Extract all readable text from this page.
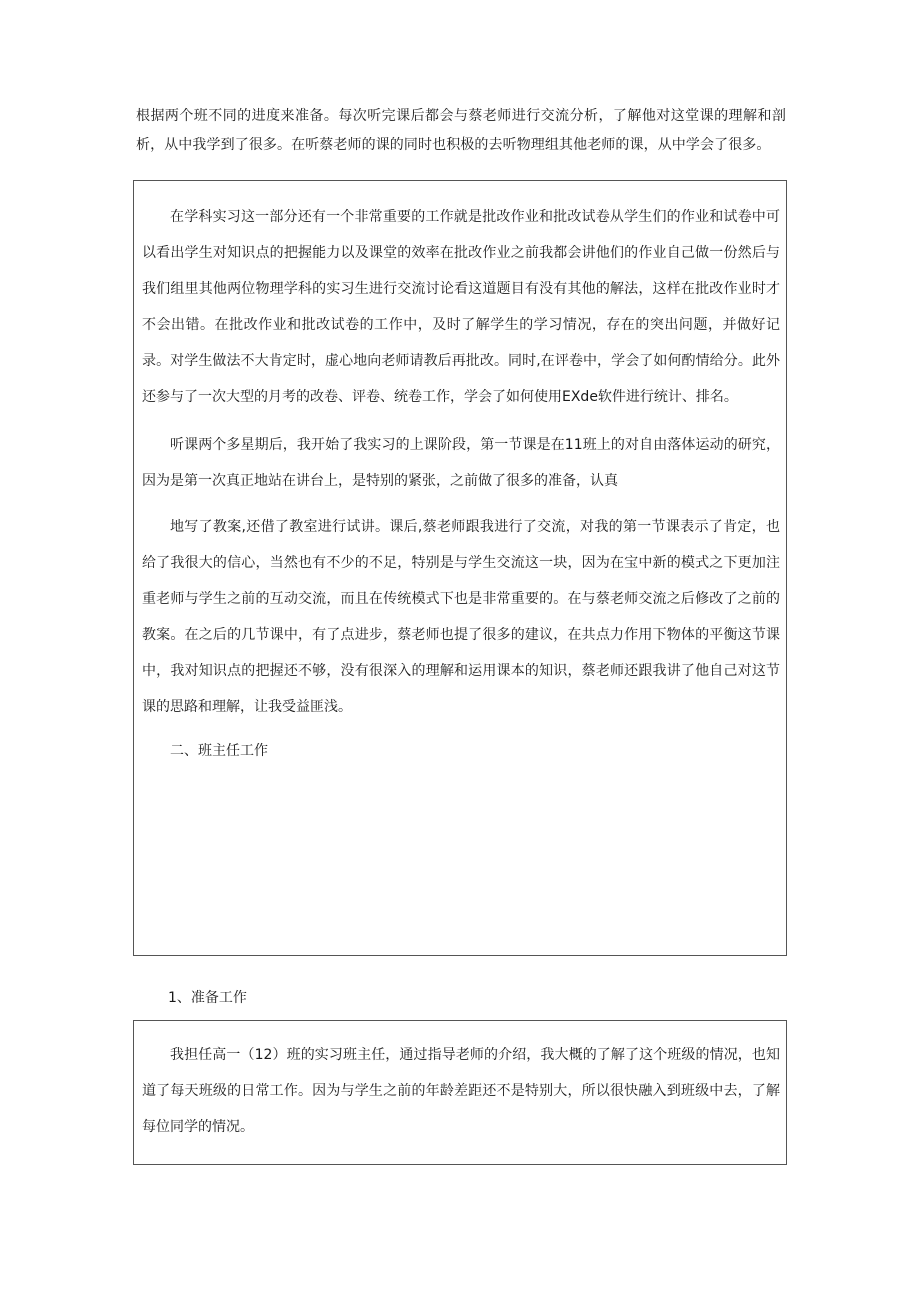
根据两个班不同的进度来准备。每次听完课后都会与蔡老师进行交流分析，了解他对这堂课的理解和剖析，从中我学到了很多。在听蔡老师的课的同时也积极的去听物理组其他老师的课，从中学会了很多。

在学科实习这一部分还有一个非常重要的工作就是批改作业和批改试卷从学生们的作业和试卷中可以看出学生对知识点的把握能力以及课堂的效率在批改作业之前我都会讲他们的作业自己做一份然后与我们组里其他两位物理学科的实习生进行交流讨论看这道题目有没有其他的解法，这样在批改作业时才不会出错。在批改作业和批改试卷的工作中，及时了解学生的学习情况，存在的突出问题，并做好记录。对学生做法不大肯定时，虚心地向老师请教后再批改。同时,在评卷中，学会了如何酌情给分。此外还参与了一次大型的月考的改卷、评卷、统卷工作，学会了如何使用EXde软件进行统计、排名。

听课两个多星期后，我开始了我实习的上课阶段，第一节课是在11班上的对自由落体运动的研究，因为是第一次真正地站在讲台上，是特别的紧张，之前做了很多的准备，认真

地写了教案,还借了教室进行试讲。课后,蔡老师跟我进行了交流，对我的第一节课表示了肯定，也给了我很大的信心，当然也有不少的不足，特别是与学生交流这一块，因为在宝中新的模式之下更加注重老师与学生之前的互动交流，而且在传统模式下也是非常重要的。在与蔡老师交流之后修改了之前的教案。在之后的几节课中，有了点进步，蔡老师也提了很多的建议，在共点力作用下物体的平衡这节课中，我对知识点的把握还不够，没有很深入的理解和运用课本的知识，蔡老师还跟我讲了他自己对这节课的思路和理解，让我受益匪浅。

二、班主任工作

1、准备工作

我担任高一（12）班的实习班主任，通过指导老师的介绍，我大概的了解了这个班级的情况，也知道了每天班级的日常工作。因为与学生之前的年龄差距还不是特别大，所以很快融入到班级中去，了解每位同学的情况。
